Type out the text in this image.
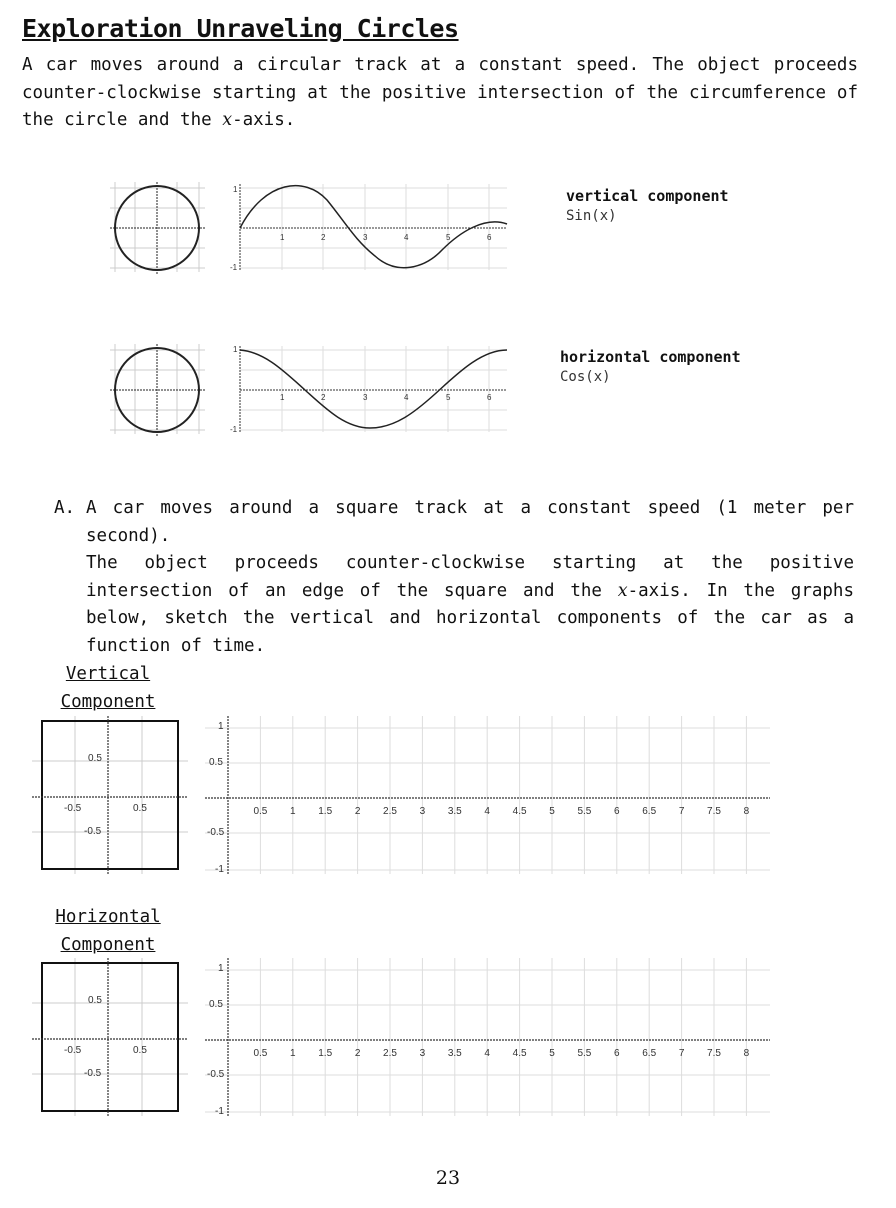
Exploration Unraveling Circles
A car moves around a circular track at a constant speed. The object proceeds
counter-clockwise starting at the positive intersection of the circumference of
the circle and the x-axis.
1
-1
1	2	3	4	5	6
vertical component
Sin(x)
1
-1
1	2	3	4	5	6
horizontal component
Cos(x)
A. A car moves around a square track at a constant speed (1 meter per second).
The object proceeds counter-clockwise starting at the positive
intersection of an edge of the square and the x-axis. In the graphs
below, sketch the vertical and horizontal components of the car as a
function of time.
Vertical
Component
0.5
0.5
-0.5
-0.5
0.5 1 1.5 2 2.5 3 3.5 4 4.5 5 5.5 6 6.5 7 7.5 8
1
0.5
-0.5
-1
Horizontal
Component
0.5
0.5
-0.5
-0.5
0.5 1 1.5 2 2.5 3 3.5 4 4.5 5 5.5 6 6.5 7 7.5 8
1
0.5
-0.5
-1
23
